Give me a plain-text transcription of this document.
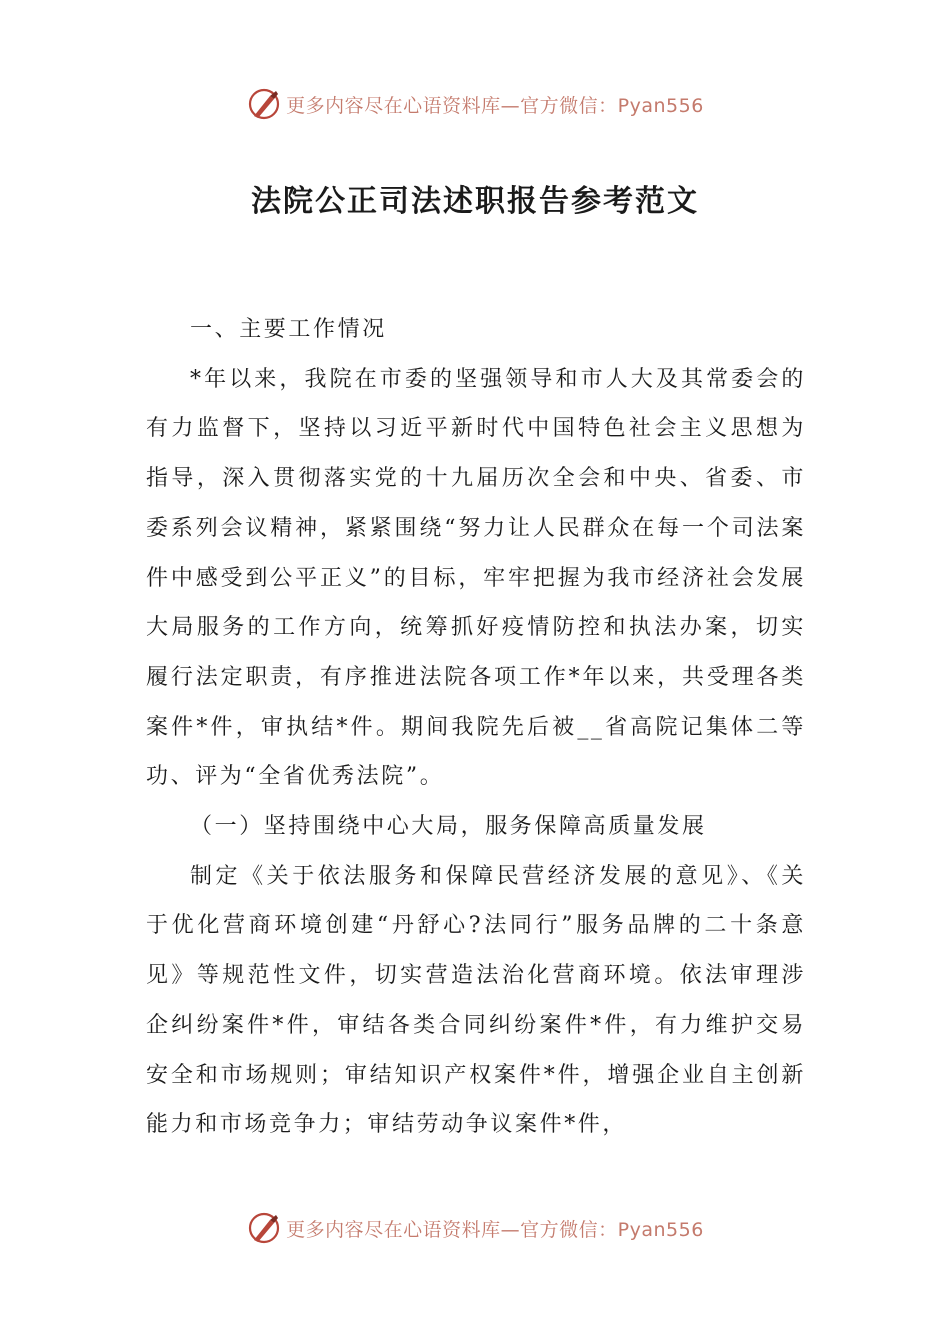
更多内容尽在心语资料库—官方微信：Pyan556
法院公正司法述职报告参考范文

一、主要工作情况

*年以来，我院在市委的坚强领导和市人大及其常委会的有力监督下，坚持以习近平新时代中国特色社会主义思想为指导，深入贯彻落实党的十九届历次全会和中央、省委、市委系列会议精神，紧紧围绕“努力让人民群众在每一个司法案件中感受到公平正义”的目标，牢牢把握为我市经济社会发展大局服务的工作方向，统筹抓好疫情防控和执法办案，切实履行法定职责，有序推进法院各项工作*年以来，共受理各类案件*件，审执结*件。期间我院先后被__省高院记集体二等功、评为“全省优秀法院”。

（一）坚持围绕中心大局，服务保障高质量发展

制定《关于依法服务和保障民营经济发展的意见》、《关于优化营商环境创建“丹舒心?法同行”服务品牌的二十条意见》等规范性文件，切实营造法治化营商环境。依法审理涉企纠纷案件*件，审结各类合同纠纷案件*件，有力维护交易安全和市场规则；审结知识产权案件*件，增强企业自主创新能力和市场竞争力；审结劳动争议案件*件，

更多内容尽在心语资料库—官方微信：Pyan556
